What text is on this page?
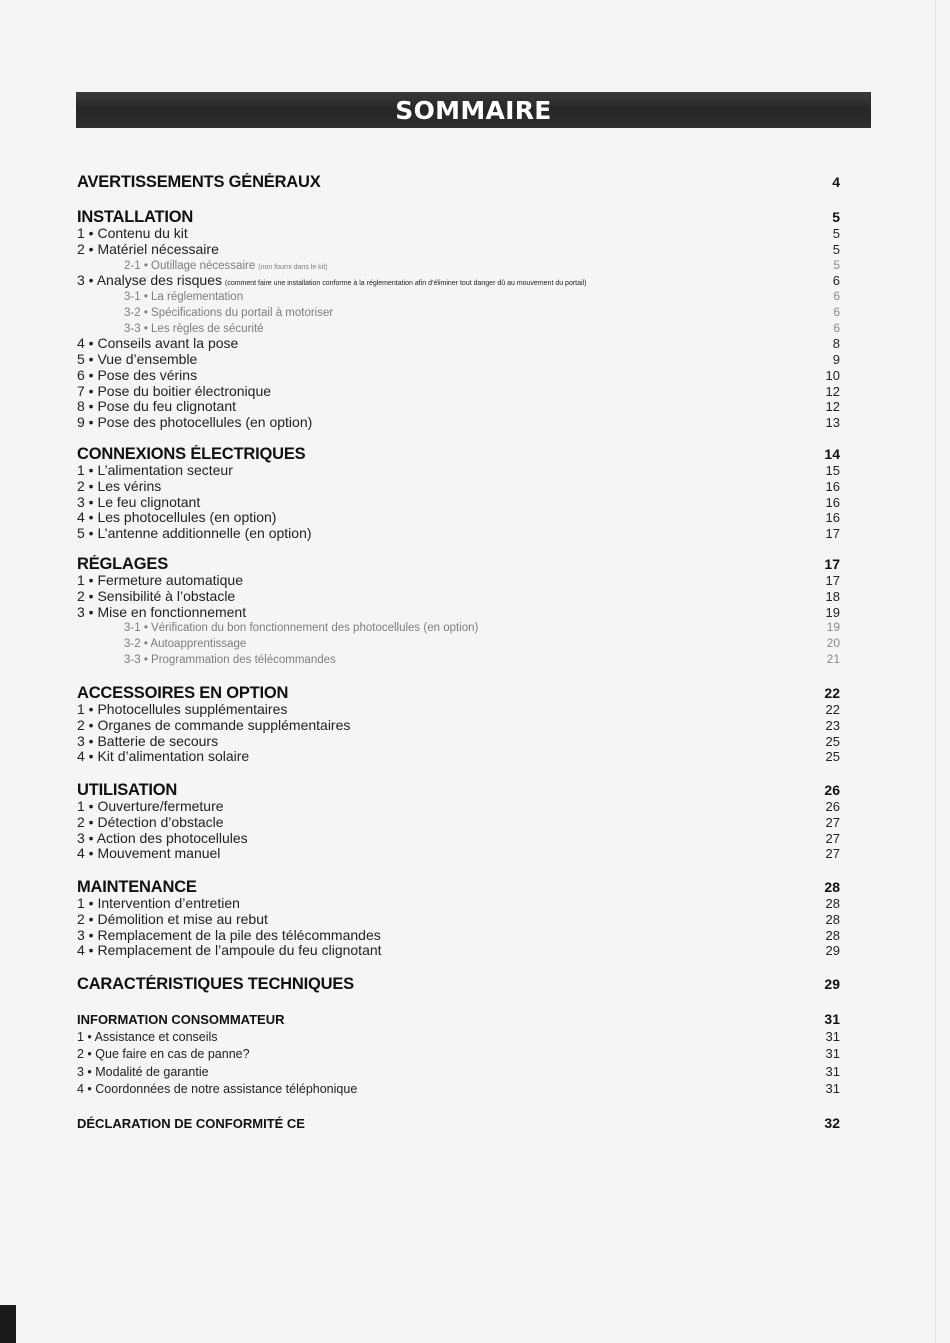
SOMMAIRE
AVERTISSEMENTS GÉNÉRAUX	4
INSTALLATION	5
1 • Contenu du kit	5
2 • Matériel nécessaire	5
2-1 • Outillage nécessaire (non fourni dans le kit)	5
3 • Analyse des risques (comment faire une installation conforme à la réglementation afin d’éliminer tout danger dû au mouvement du portail)	6
3-1 • La réglementation	6
3-2 • Spécifications du portail à motoriser	6
3-3 • Les règles de sécurité	6
4 • Conseils avant la pose	8
5 • Vue d’ensemble	9
6 • Pose des vérins	10
7 • Pose du boitier électronique	12
8 • Pose du feu clignotant	12
9 • Pose des photocellules (en option)	13
CONNEXIONS ÉLECTRIQUES	14
1 • L’alimentation secteur	15
2 • Les vérins	16
3 • Le feu clignotant	16
4 • Les photocellules (en option)	16
5 • L’antenne additionnelle (en option)	17
RÉGLAGES	17
1 • Fermeture automatique	17
2 • Sensibilité à l’obstacle	18
3 • Mise en fonctionnement	19
3-1 • Vérification du bon fonctionnement des photocellules (en option)	19
3-2 • Autoapprentissage	20
3-3 • Programmation des télécommandes	21
ACCESSOIRES EN OPTION	22
1 • Photocellules supplémentaires	22
2 • Organes de commande supplémentaires	23
3 • Batterie de secours	25
4 • Kit d’alimentation solaire	25
UTILISATION	26
1 • Ouverture/fermeture	26
2 • Détection d’obstacle	27
3 • Action des photocellules	27
4 • Mouvement manuel	27
MAINTENANCE	28
1 • Intervention d’entretien	28
2 • Démolition et mise au rebut	28
3 • Remplacement de la pile des télécommandes	28
4 • Remplacement de l’ampoule du feu clignotant	29
CARACTÉRISTIQUES TECHNIQUES	29
INFORMATION CONSOMMATEUR	31
1 • Assistance et conseils	31
2 • Que faire en cas de panne?	31
3 • Modalité de garantie	31
4 • Coordonnées de notre assistance téléphonique	31
DÉCLARATION DE CONFORMITÉ CE	32
